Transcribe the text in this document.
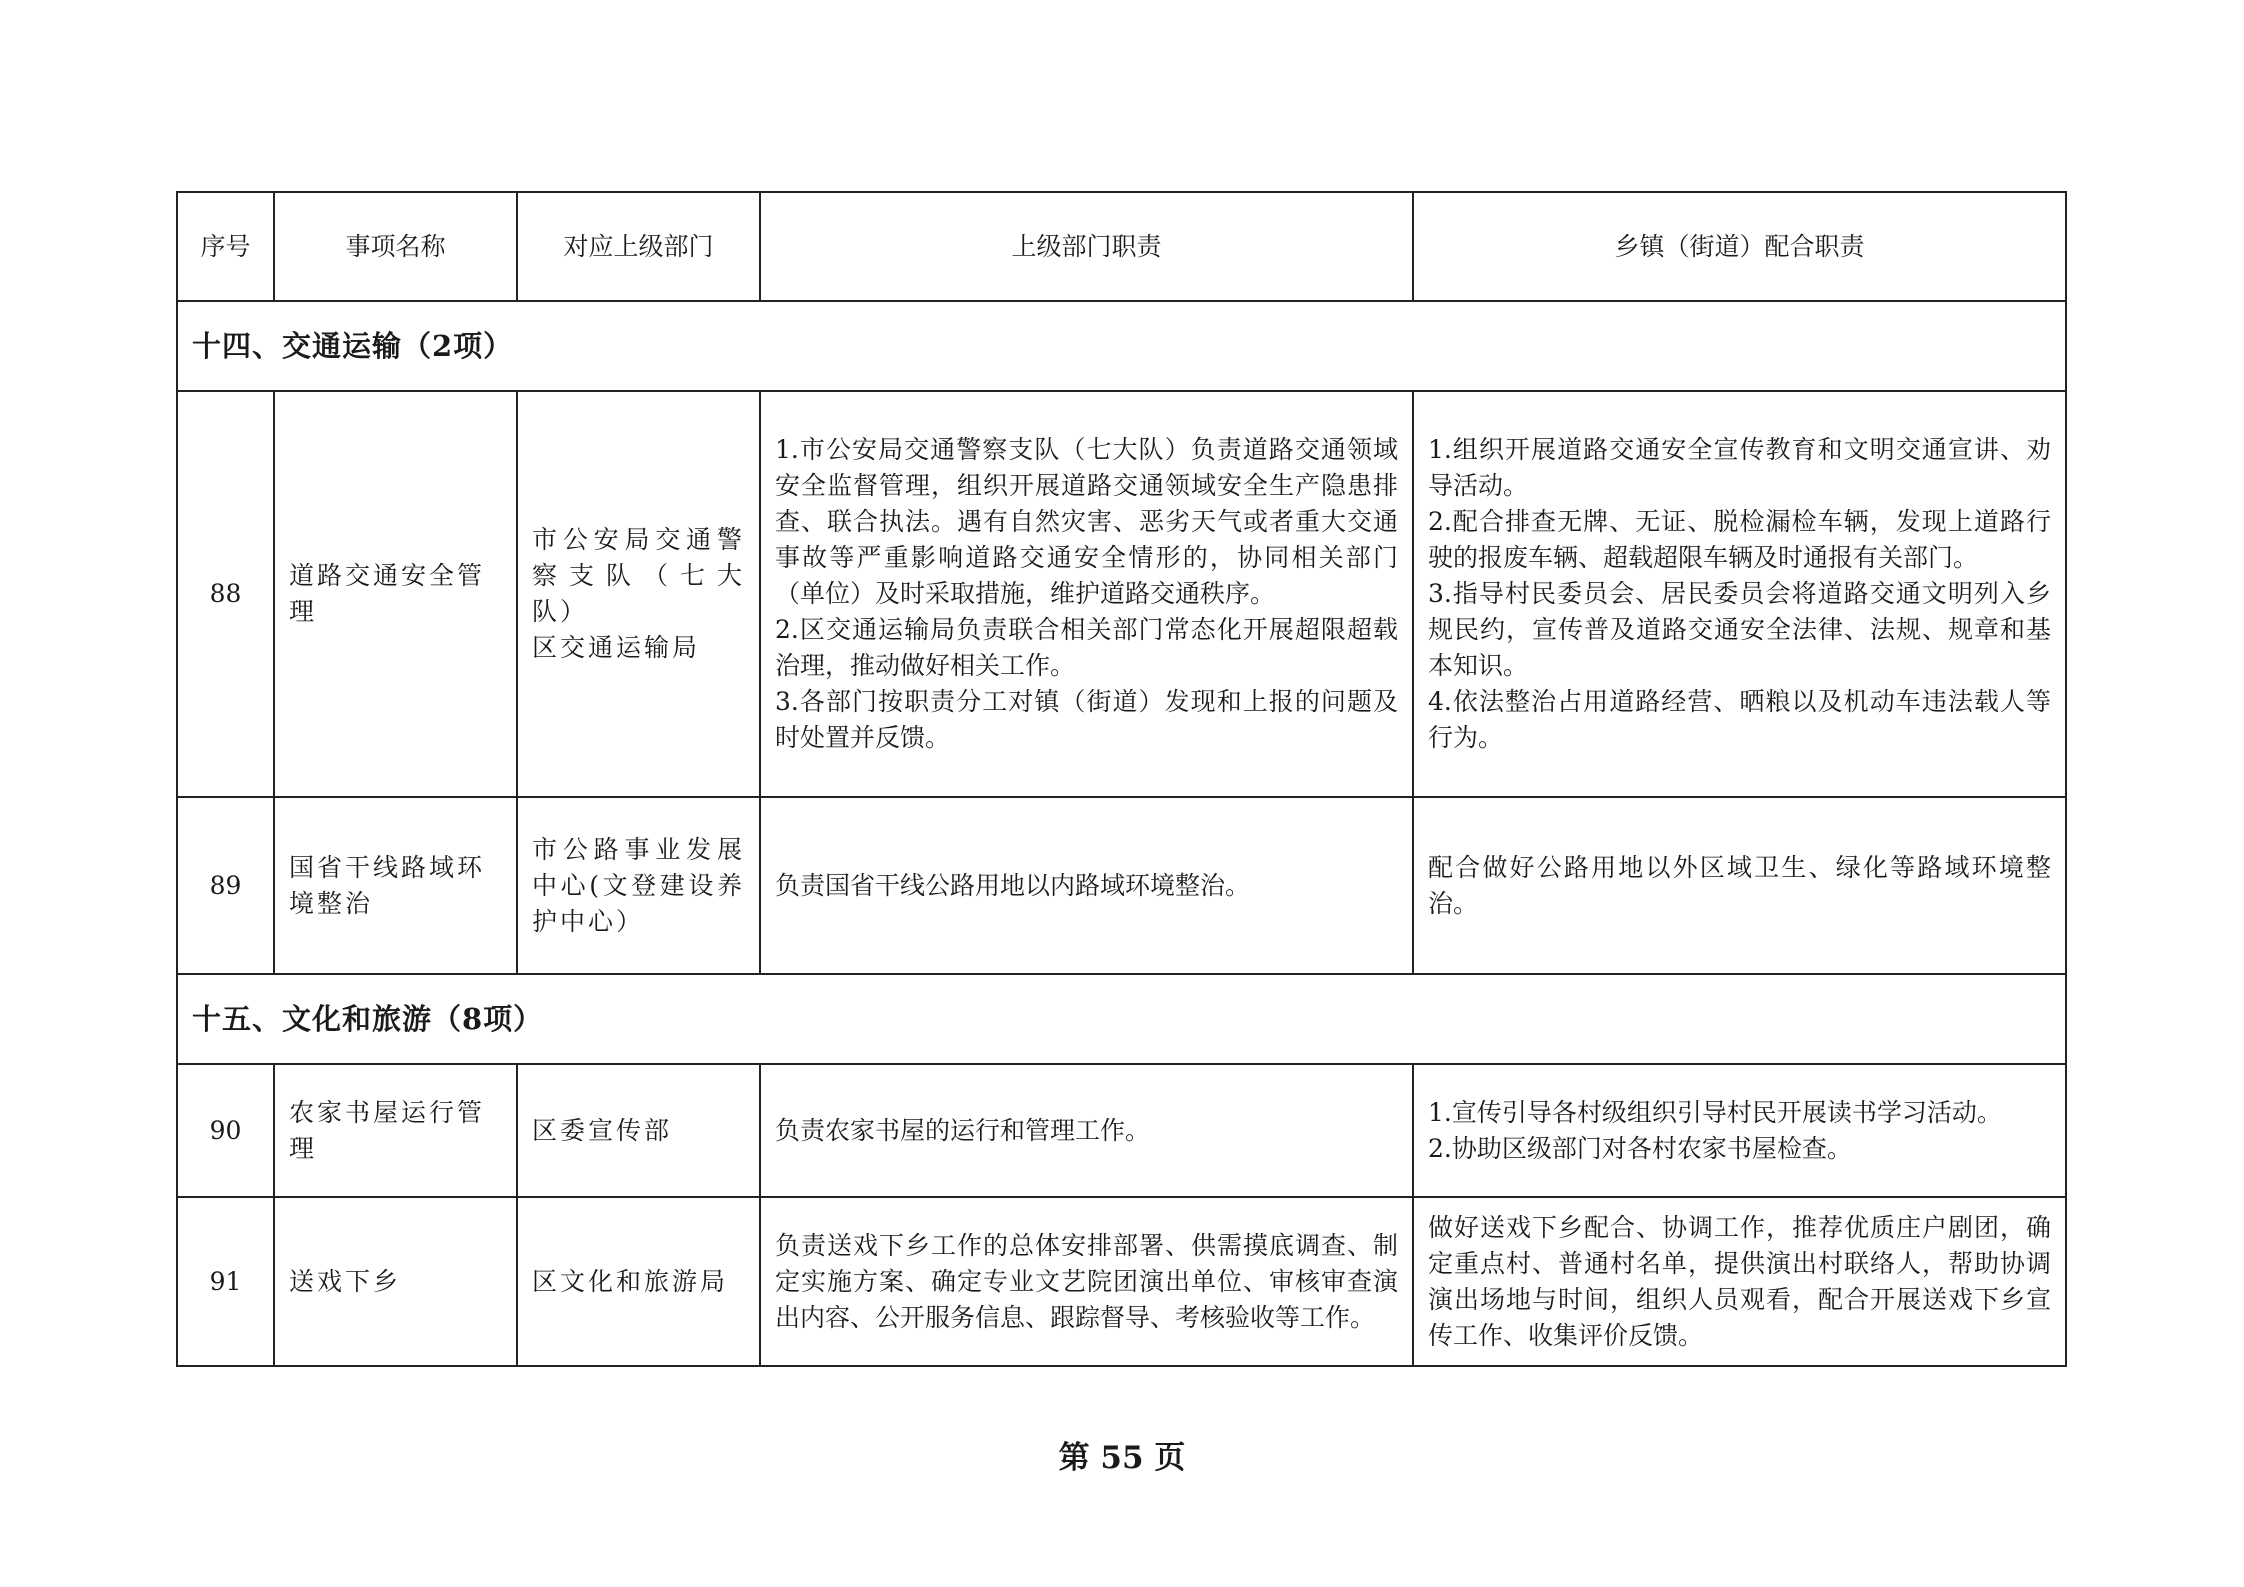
序号	事项名称	对应上级部门	上级部门职责	乡镇（街道）配合职责
十四、交通运输（2项）				
88	道路交通安全管理	市公安局交通警察支队（七大队）
区交通运输局	1.市公安局交通警察支队（七大队）负责道路交通领域安全监督管理，组织开展道路交通领域安全生产隐患排查、联合执法。遇有自然灾害、恶劣天气或者重大交通事故等严重影响道路交通安全情形的，协同相关部门（单位）及时采取措施，维护道路交通秩序。
2.区交通运输局负责联合相关部门常态化开展超限超载治理，推动做好相关工作。
3.各部门按职责分工对镇（街道）发现和上报的问题及时处置并反馈。	1.组织开展道路交通安全宣传教育和文明交通宣讲、劝导活动。
2.配合排查无牌、无证、脱检漏检车辆，发现上道路行驶的报废车辆、超载超限车辆及时通报有关部门。
3.指导村民委员会、居民委员会将道路交通文明列入乡规民约，宣传普及道路交通安全法律、法规、规章和基本知识。
4.依法整治占用道路经营、晒粮以及机动车违法载人等行为。
89	国省干线路域环境整治	市公路事业发展中心(文登建设养护中心）	负责国省干线公路用地以内路域环境整治。	配合做好公路用地以外区域卫生、绿化等路域环境整治。
十五、文化和旅游（8项）				
90	农家书屋运行管理	区委宣传部	负责农家书屋的运行和管理工作。	1.宣传引导各村级组织引导村民开展读书学习活动。
2.协助区级部门对各村农家书屋检查。
91	送戏下乡	区文化和旅游局	负责送戏下乡工作的总体安排部署、供需摸底调查、制定实施方案、确定专业文艺院团演出单位、审核审查演出内容、公开服务信息、跟踪督导、考核验收等工作。	做好送戏下乡配合、协调工作，推荐优质庄户剧团，确定重点村、普通村名单，提供演出村联络人，帮助协调演出场地与时间，组织人员观看，配合开展送戏下乡宣传工作、收集评价反馈。
第 55 页
